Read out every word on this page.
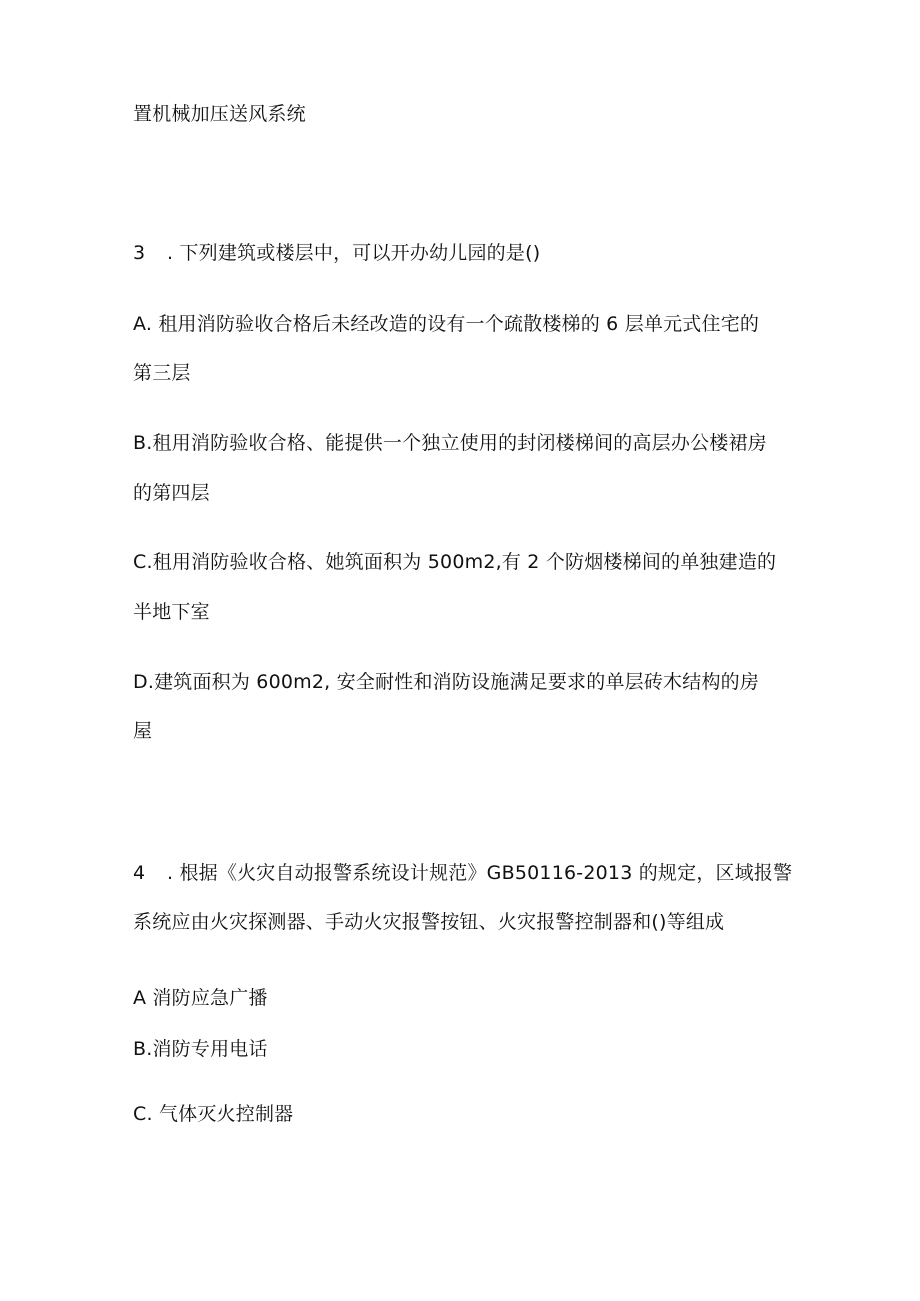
置机械加压送风系统
3 . 下列建筑或楼层中，可以开办幼儿园的是()
A. 租用消防验收合格后未经改造的设有一个疏散楼梯的 6 层单元式住宅的
第三层
B.租用消防验收合格、能提供一个独立使用的封闭楼梯间的高层办公楼裙房
的第四层
C.租用消防验收合格、她筑面积为 500m2,有 2 个防烟楼梯间的单独建造的
半地下室
D.建筑面积为 600m2, 安全耐性和消防设施满足要求的单层砖木结构的房
屋
4 . 根据《火灾自动报警系统设计规范》GB50116-2013 的规定，区域报警
系统应由火灾探测器、手动火灾报警按钮、火灾报警控制器和()等组成
A 消防应急广播
B.消防专用电话
C. 气体灭火控制器
